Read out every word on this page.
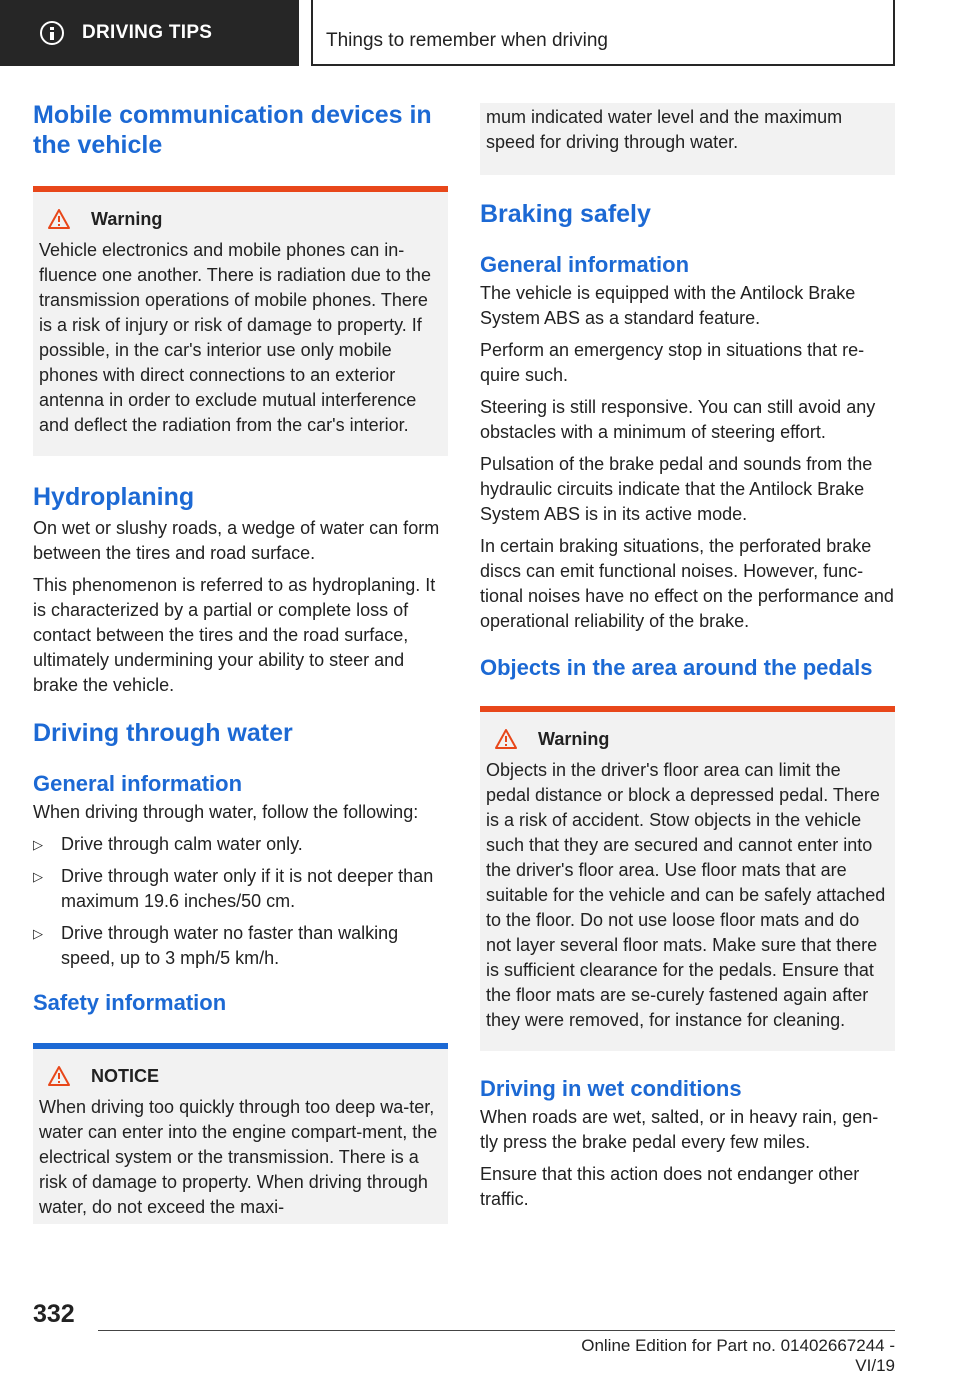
DRIVING TIPS	Things to remember when driving
Mobile communication devices in the vehicle
Warning

Vehicle electronics and mobile phones can in-fluence one another. There is radiation due to the transmission operations of mobile phones. There is a risk of injury or risk of damage to property. If possible, in the car's interior use only mobile phones with direct connections to an exterior antenna in order to exclude mutual interference and deflect the radiation from the car's interior.

Hydroplaning

On wet or slushy roads, a wedge of water can form between the tires and road surface.

This phenomenon is referred to as hydroplaning. It is characterized by a partial or complete loss of contact between the tires and the road surface, ultimately undermining your ability to steer and brake the vehicle.

Driving through water
General information

When driving through water, follow the following:

▷	Drive through calm water only.
▷	Drive through water only if it is not deeper than maximum 19.6 inches/50 cm.
▷	Drive through water no faster than walking speed, up to 3 mph/5 km/h.
Safety information
NOTICE

When driving too quickly through too deep wa-ter, water can enter into the engine compart-ment, the electrical system or the transmission. There is a risk of damage to property. When driving through water, do not exceed the maxi-

mum indicated water level and the maximum speed for driving through water.

Braking safely
General information

The vehicle is equipped with the Antilock Brake System ABS as a standard feature.

Perform an emergency stop in situations that re-quire such.

Steering is still responsive. You can still avoid any obstacles with a minimum of steering effort.

Pulsation of the brake pedal and sounds from the hydraulic circuits indicate that the Antilock Brake System ABS is in its active mode.

In certain braking situations, the perforated brake discs can emit functional noises. However, func-tional noises have no effect on the performance and operational reliability of the brake.

Objects in the area around the pedals
Warning

Objects in the driver's floor area can limit the pedal distance or block a depressed pedal. There is a risk of accident. Stow objects in the vehicle such that they are secured and cannot enter into the driver's floor area. Use floor mats that are suitable for the vehicle and can be safely attached to the floor. Do not use loose floor mats and do not layer several floor mats. Make sure that there is sufficient clearance for the pedals. Ensure that the floor mats are se-curely fastened again after they were removed, for instance for cleaning.

Driving in wet conditions

When roads are wet, salted, or in heavy rain, gen-tly press the brake pedal every few miles.

Ensure that this action does not endanger other traffic.

332
Online Edition for Part no. 01402667244 - VI/19
